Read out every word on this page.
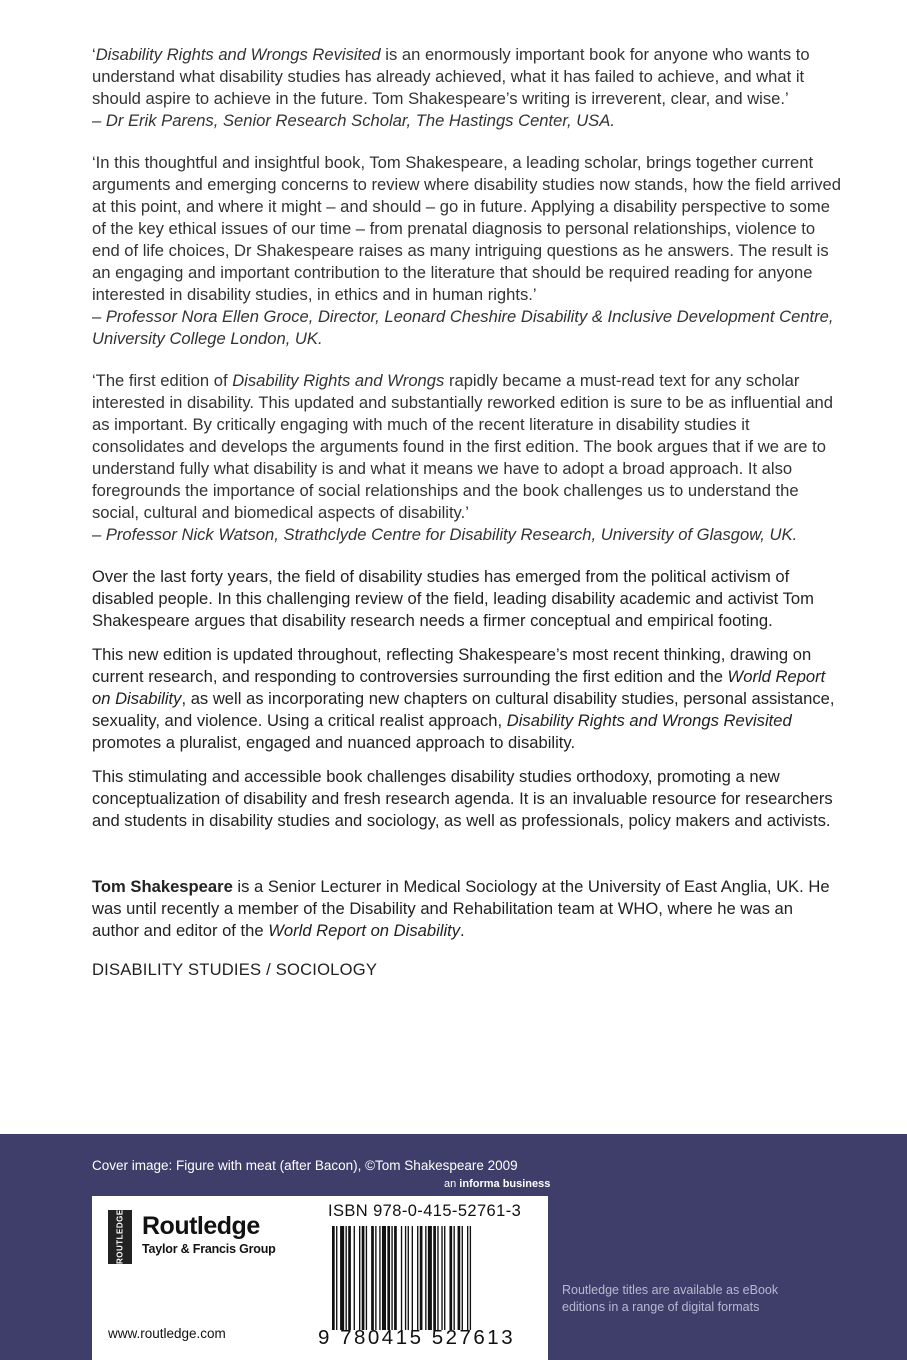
‘Disability Rights and Wrongs Revisited is an enormously important book for anyone who wants to understand what disability studies has already achieved, what it has failed to achieve, and what it should aspire to achieve in the future. Tom Shakespeare’s writing is irreverent, clear, and wise.’

– Dr Erik Parens, Senior Research Scholar, The Hastings Center, USA.

‘In this thoughtful and insightful book, Tom Shakespeare, a leading scholar, brings together current arguments and emerging concerns to review where disability studies now stands, how the field arrived at this point, and where it might – and should – go in future. Applying a disability perspective to some of the key ethical issues of our time – from prenatal diagnosis to personal relationships, violence to end of life choices, Dr Shakespeare raises as many intriguing questions as he answers. The result is an engaging and important contribution to the literature that should be required reading for anyone interested in disability studies, in ethics and in human rights.’

– Professor Nora Ellen Groce, Director, Leonard Cheshire Disability & Inclusive Development Centre, University College London, UK.

‘The first edition of Disability Rights and Wrongs rapidly became a must-read text for any scholar interested in disability. This updated and substantially reworked edition is sure to be as influential and as important. By critically engaging with much of the recent literature in disability studies it consolidates and develops the arguments found in the first edition. The book argues that if we are to understand fully what disability is and what it means we have to adopt a broad approach. It also foregrounds the importance of social relationships and the book challenges us to understand the social, cultural and biomedical aspects of disability.’

– Professor Nick Watson, Strathclyde Centre for Disability Research, University of Glasgow, UK.

Over the last forty years, the field of disability studies has emerged from the political activism of disabled people. In this challenging review of the field, leading disability academic and activist Tom Shakespeare argues that disability research needs a firmer conceptual and empirical footing.

This new edition is updated throughout, reflecting Shakespeare’s most recent thinking, drawing on current research, and responding to controversies surrounding the first edition and the World Report on Disability, as well as incorporating new chapters on cultural disability studies, personal assistance, sexuality, and violence. Using a critical realist approach, Disability Rights and Wrongs Revisited promotes a pluralist, engaged and nuanced approach to disability.

This stimulating and accessible book challenges disability studies orthodoxy, promoting a new conceptualization of disability and fresh research agenda. It is an invaluable resource for researchers and students in disability studies and sociology, as well as professionals, policy makers and activists.

Tom Shakespeare is a Senior Lecturer in Medical Sociology at the University of East Anglia, UK. He was until recently a member of the Disability and Rehabilitation team at WHO, where he was an author and editor of the World Report on Disability.

DISABILITY STUDIES / SOCIOLOGY
Cover image: Figure with meat (after Bacon), ©Tom Shakespeare 2009
an informa business
ROUTLEDGE Routledge
Taylor & Francis Group
www.routledge.com
ISBN 978-0-415-52761-3
9 780415 527613
Routledge titles are available as eBook editions in a range of digital formats
